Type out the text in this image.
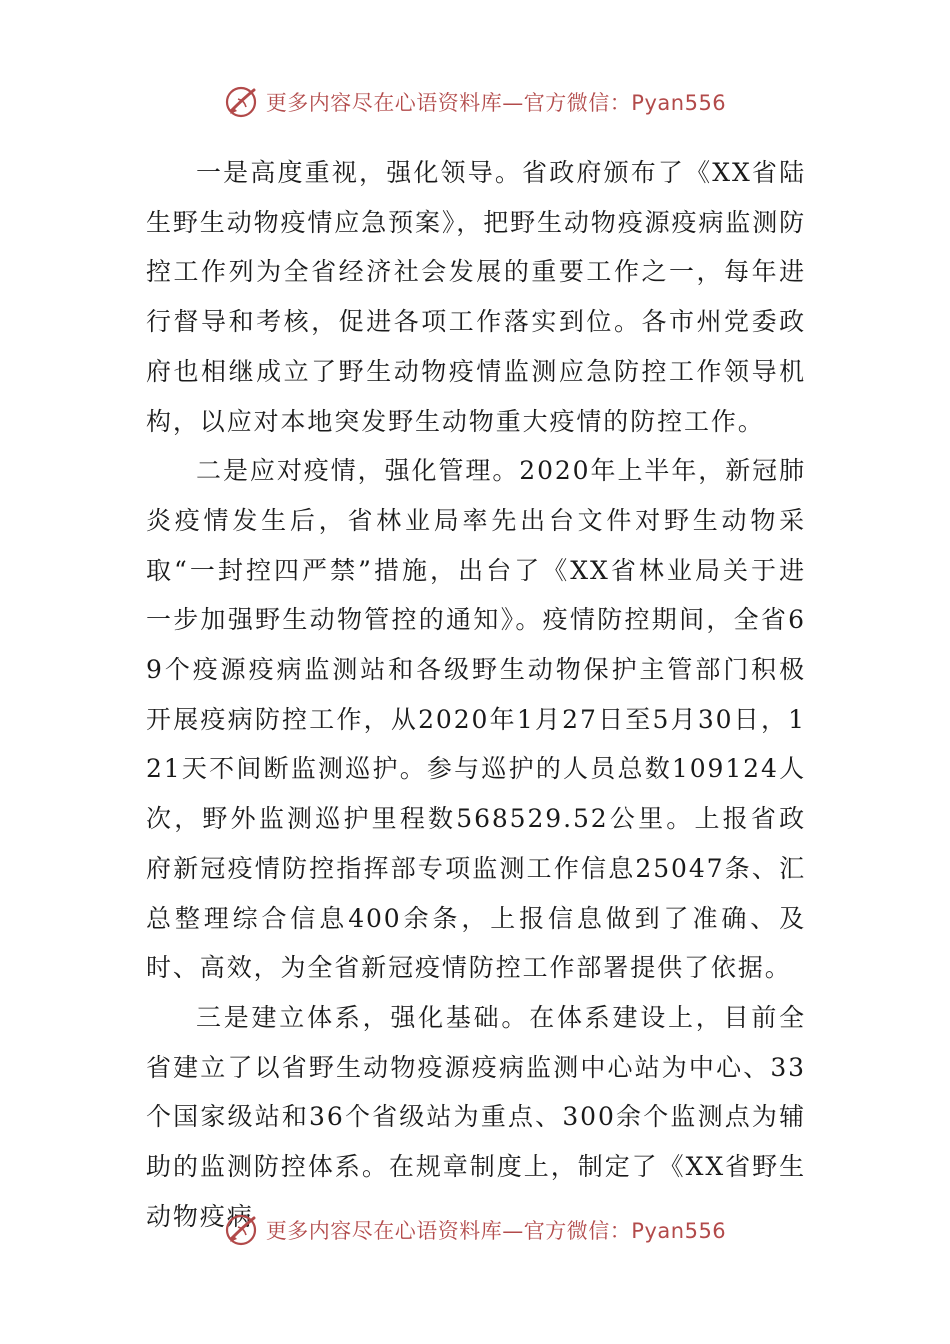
更多内容尽在心语资料库—官方微信：Pyan556

一是高度重视，强化领导。省政府颁布了《XX省陆生野生动物疫情应急预案》，把野生动物疫源疫病监测防控工作列为全省经济社会发展的重要工作之一，每年进行督导和考核，促进各项工作落实到位。各市州党委政府也相继成立了野生动物疫情监测应急防控工作领导机构，以应对本地突发野生动物重大疫情的防控工作。

二是应对疫情，强化管理。2020年上半年，新冠肺炎疫情发生后，省林业局率先出台文件对野生动物采取“一封控四严禁”措施，出台了《XX省林业局关于进一步加强野生动物管控的通知》。疫情防控期间，全省69个疫源疫病监测站和各级野生动物保护主管部门积极开展疫病防控工作，从2020年1月27日至5月30日，121天不间断监测巡护。参与巡护的人员总数109124人次，野外监测巡护里程数568529.52公里。上报省政府新冠疫情防控指挥部专项监测工作信息25047条、汇总整理综合信息400余条，上报信息做到了准确、及时、高效，为全省新冠疫情防控工作部署提供了依据。

三是建立体系，强化基础。在体系建设上，目前全省建立了以省野生动物疫源疫病监测中心站为中心、33个国家级站和36个省级站为重点、300余个监测点为辅助的监测防控体系。在规章制度上，制定了《XX省野生动物疫病

更多内容尽在心语资料库—官方微信：Pyan556
